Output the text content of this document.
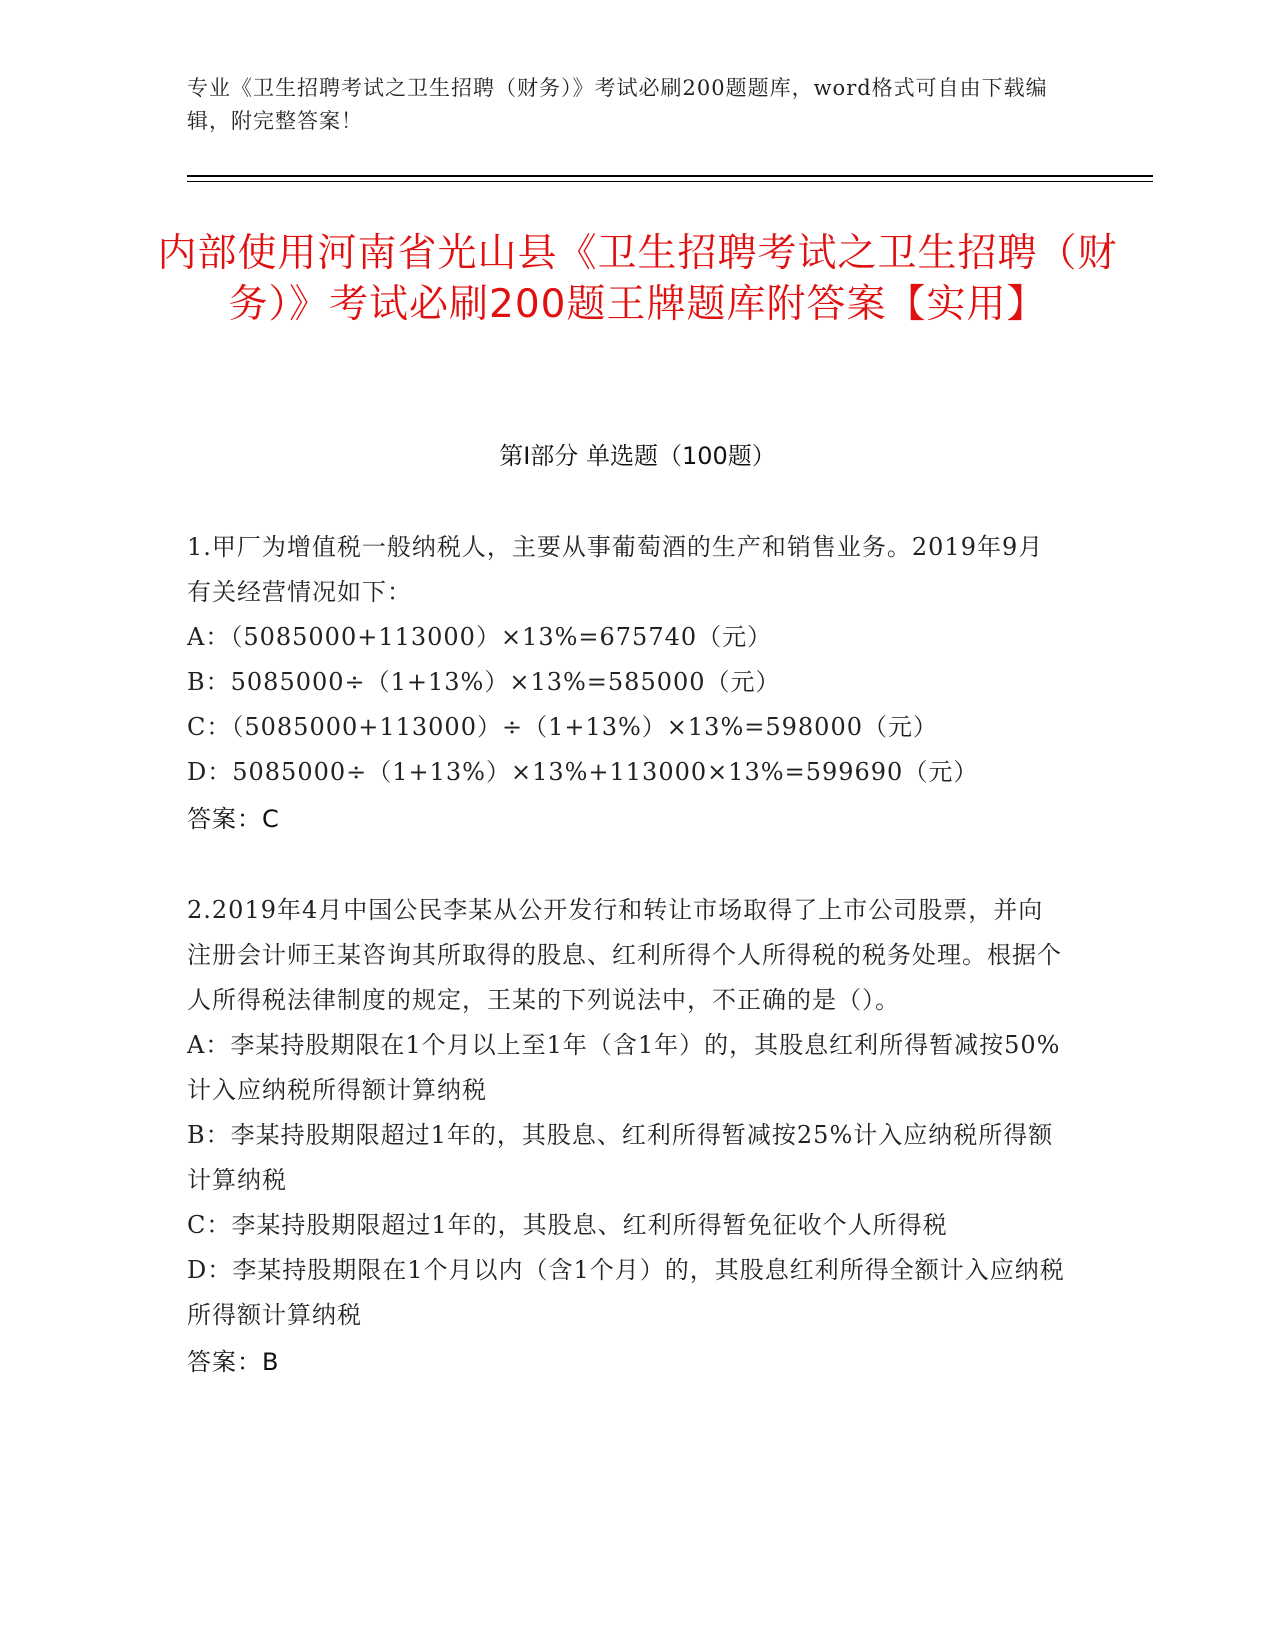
专业《卫生招聘考试之卫生招聘（财务）》考试必刷200题题库，word格式可自由下载编辑，附完整答案！
内部使用河南省光山县《卫生招聘考试之卫生招聘（财务）》考试必刷200题王牌题库附答案【实用】
第Ⅰ部分 单选题（100题）
1.甲厂为增值税一般纳税人，主要从事葡萄酒的生产和销售业务。2019年9月有关经营情况如下：
A：（5085000+113000）×13%=675740（元）
B：5085000÷（1+13%）×13%=585000（元）
C：（5085000+113000）÷（1+13%）×13%=598000（元）
D：5085000÷（1+13%）×13%+113000×13%=599690（元）
答案：C
2.2019年4月中国公民李某从公开发行和转让市场取得了上市公司股票，并向注册会计师王某咨询其所取得的股息、红利所得个人所得税的税务处理。根据个人所得税法律制度的规定，王某的下列说法中，不正确的是（）。
A：李某持股期限在1个月以上至1年（含1年）的，其股息红利所得暂减按50%计入应纳税所得额计算纳税
B：李某持股期限超过1年的，其股息、红利所得暂减按25%计入应纳税所得额计算纳税
C：李某持股期限超过1年的，其股息、红利所得暂免征收个人所得税
D：李某持股期限在1个月以内（含1个月）的，其股息红利所得全额计入应纳税所得额计算纳税
答案：B
